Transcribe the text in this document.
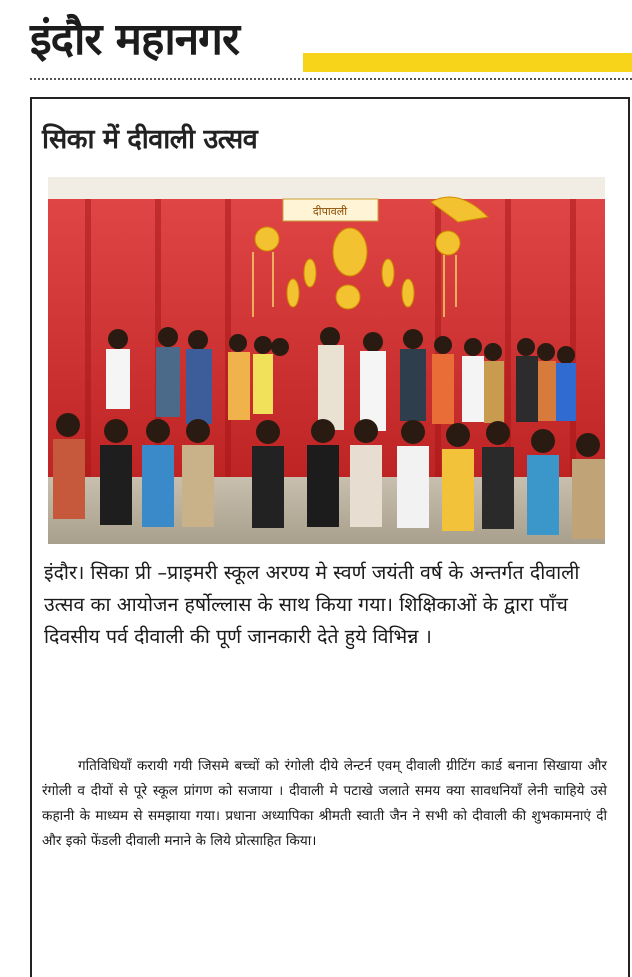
इंदौर महानगर
सिका में दीवाली उत्सव
दीपावली
इंदौर। सिका प्री –प्राइमरी स्कूल अरण्य मे स्वर्ण जयंती वर्ष के अन्तर्गत दीवाली उत्सव का आयोजन हर्षोल्लास के साथ किया गया। शिक्षिकाओं के द्वारा पाँच दिवसीय पर्व दीवाली की पूर्ण जानकारी देते हुये विभिन्न ।
गतिविधियाँ करायी गयी जिसमे बच्चों को रंगोली दीये लेन्टर्न एवम् दीवाली ग्रीटिंग कार्ड बनाना सिखाया और रंगोली व दीयों से पूरे स्कूल प्रांगण को सजाया । दीवाली मे पटाखे जलाते समय क्या सावधनियाँ लेनी चाहिये उसे कहानी के माध्यम से समझाया गया। प्रधाना अध्यापिका श्रीमती स्वाती जैन ने सभी को दीवाली की शुभकामनाएं दी और इको फेंडली दीवाली मनाने के लिये प्रोत्साहित किया।
